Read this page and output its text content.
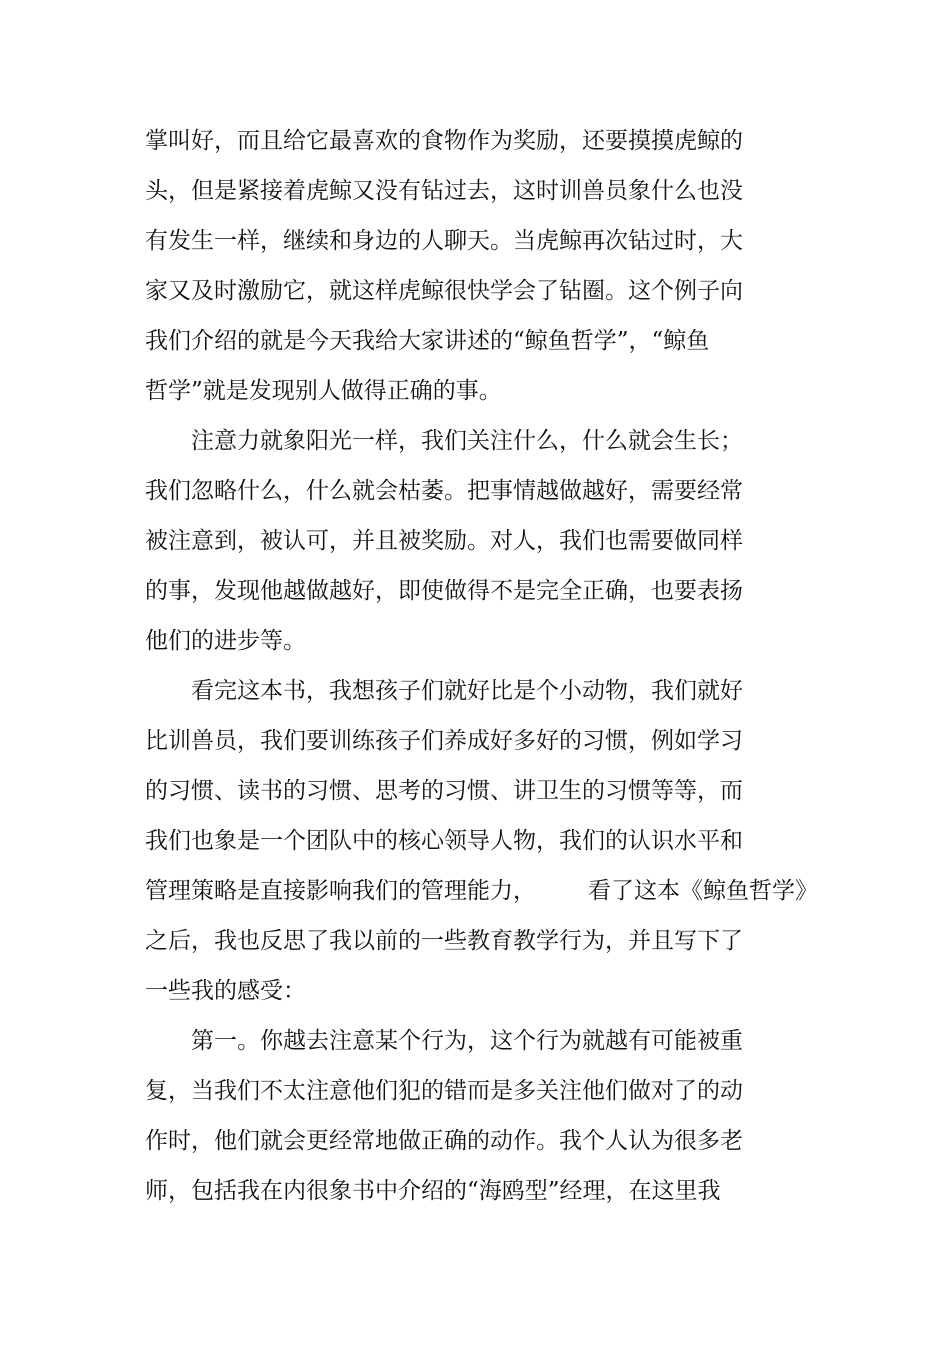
掌叫好，而且给它最喜欢的食物作为奖励，还要摸摸虎鲸的
头，但是紧接着虎鲸又没有钻过去，这时训兽员象什么也没
有发生一样，继续和身边的人聊天。当虎鲸再次钻过时，大
家又及时激励它，就这样虎鲸很快学会了钻圈。这个例子向
我们介绍的就是今天我给大家讲述的“鲸鱼哲学”，“鲸鱼
哲学”就是发现别人做得正确的事。
注意力就象阳光一样，我们关注什么，什么就会生长；
我们忽略什么，什么就会枯萎。把事情越做越好，需要经常
被注意到，被认可，并且被奖励。对人，我们也需要做同样
的事，发现他越做越好，即使做得不是完全正确，也要表扬
他们的进步等。
看完这本书，我想孩子们就好比是个小动物，我们就好
比训兽员，我们要训练孩子们养成好多好的习惯，例如学习
的习惯、读书的习惯、思考的习惯、讲卫生的习惯等等，而
我们也象是一个团队中的核心领导人物，我们的认识水平和
管理策略是直接影响我们的管理能力， 看了这本《鲸鱼哲学》
之后，我也反思了我以前的一些教育教学行为，并且写下了
一些我的感受：
第一。你越去注意某个行为，这个行为就越有可能被重
复，当我们不太注意他们犯的错而是多关注他们做对了的动
作时，他们就会更经常地做正确的动作。我个人认为很多老
师，包括我在内很象书中介绍的“海鸥型”经理，在这里我
